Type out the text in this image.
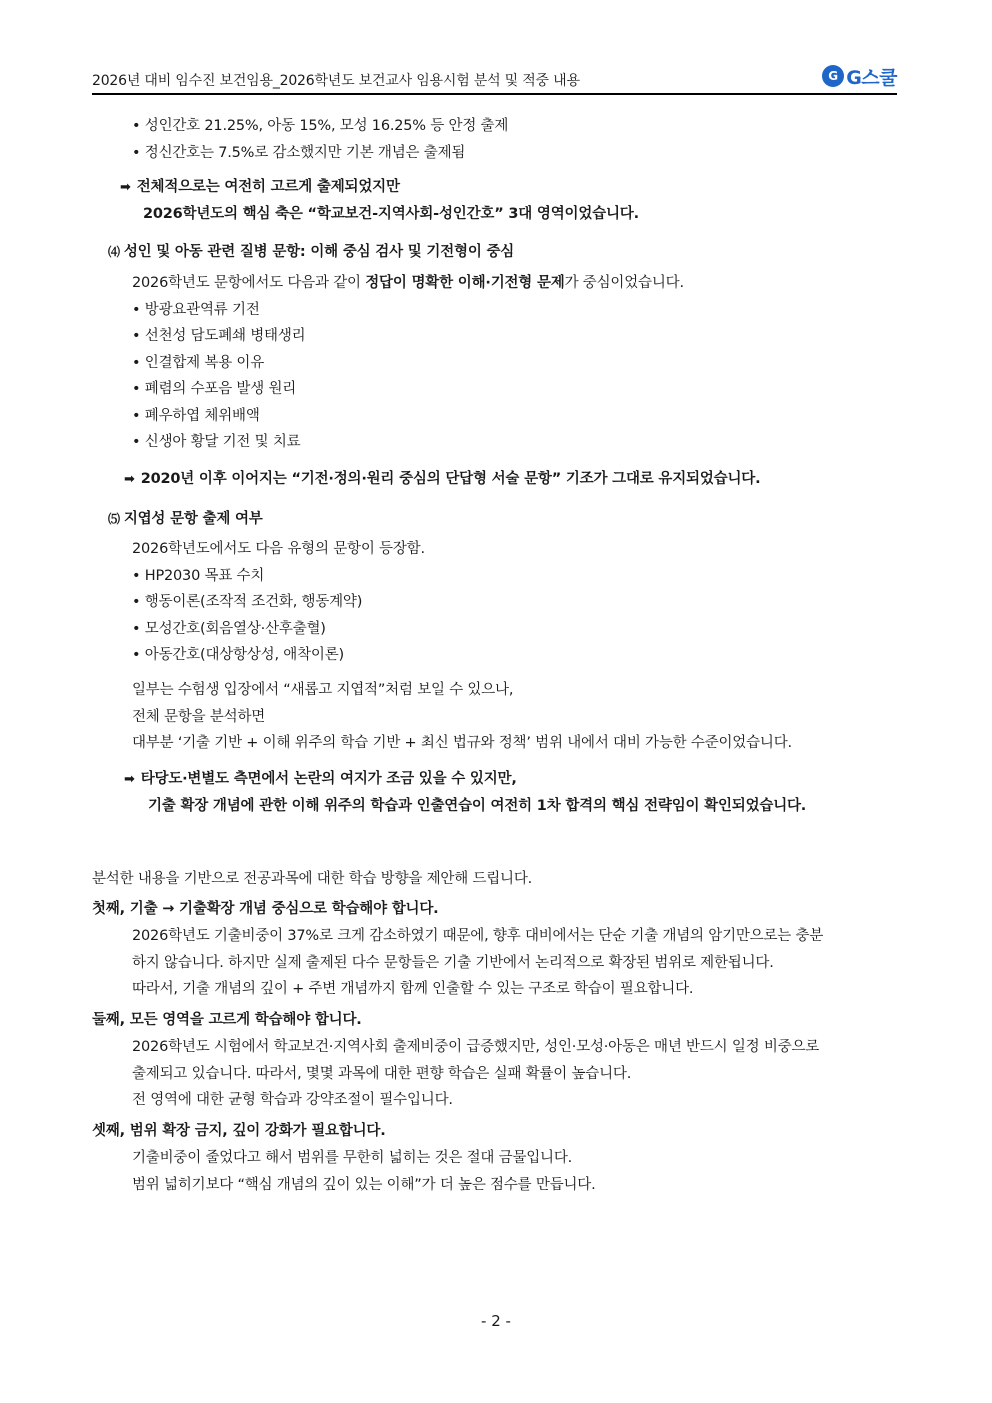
2026년 대비 임수진 보건임용_2026학년도 보건교사 임용시험 분석 및 적중 내용	G G스쿨
• 성인간호 21.25%, 아동 15%, 모성 16.25% 등 안정 출제
• 정신간호는 7.5%로 감소했지만 기본 개념은 출제됨
➡ 전체적으로는 여전히 고르게 출제되었지만
2026학년도의 핵심 축은 “학교보건-지역사회-성인간호” 3대 영역이었습니다.
⑷ 성인 및 아동 관련 질병 문항: 이해 중심 검사 및 기전형이 중심
2026학년도 문항에서도 다음과 같이 정답이 명확한 이해·기전형 문제가 중심이었습니다.
• 방광요관역류 기전
• 선천성 담도폐쇄 병태생리
• 인결합제 복용 이유
• 폐렴의 수포음 발생 원리
• 폐우하엽 체위배액
• 신생아 황달 기전 및 치료
➡ 2020년 이후 이어지는 “기전·정의·원리 중심의 단답형 서술 문항” 기조가 그대로 유지되었습니다.
⑸ 지엽성 문항 출제 여부
2026학년도에서도 다음 유형의 문항이 등장함.
• HP2030 목표 수치
• 행동이론(조작적 조건화, 행동계약)
• 모성간호(회음열상·산후출혈)
• 아동간호(대상항상성, 애착이론)
일부는 수험생 입장에서 “새롭고 지엽적”처럼 보일 수 있으나,
전체 문항을 분석하면
대부분 ‘기출 기반 + 이해 위주의 학습 기반 + 최신 법규와 정책’ 범위 내에서 대비 가능한 수준이었습니다.
➡ 타당도·변별도 측면에서 논란의 여지가 조금 있을 수 있지만,
기출 확장 개념에 관한 이해 위주의 학습과 인출연습이 여전히 1차 합격의 핵심 전략임이 확인되었습니다.
분석한 내용을 기반으로 전공과목에 대한 학습 방향을 제안해 드립니다.
첫째, 기출 → 기출확장 개념 중심으로 학습해야 합니다.
2026학년도 기출비중이 37%로 크게 감소하였기 때문에, 향후 대비에서는 단순 기출 개념의 암기만으로는 충분
하지 않습니다. 하지만 실제 출제된 다수 문항들은 기출 기반에서 논리적으로 확장된 범위로 제한됩니다.
따라서, 기출 개념의 깊이 + 주변 개념까지 함께 인출할 수 있는 구조로 학습이 필요합니다.
둘째, 모든 영역을 고르게 학습해야 합니다.
2026학년도 시험에서 학교보건·지역사회 출제비중이 급증했지만, 성인·모성·아동은 매년 반드시 일정 비중으로
출제되고 있습니다. 따라서, 몇몇 과목에 대한 편향 학습은 실패 확률이 높습니다.
전 영역에 대한 균형 학습과 강약조절이 필수입니다.
셋째, 범위 확장 금지, 깊이 강화가 필요합니다.
기출비중이 줄었다고 해서 범위를 무한히 넓히는 것은 절대 금물입니다.
범위 넓히기보다 “핵심 개념의 깊이 있는 이해”가 더 높은 점수를 만듭니다.
- 2 -
